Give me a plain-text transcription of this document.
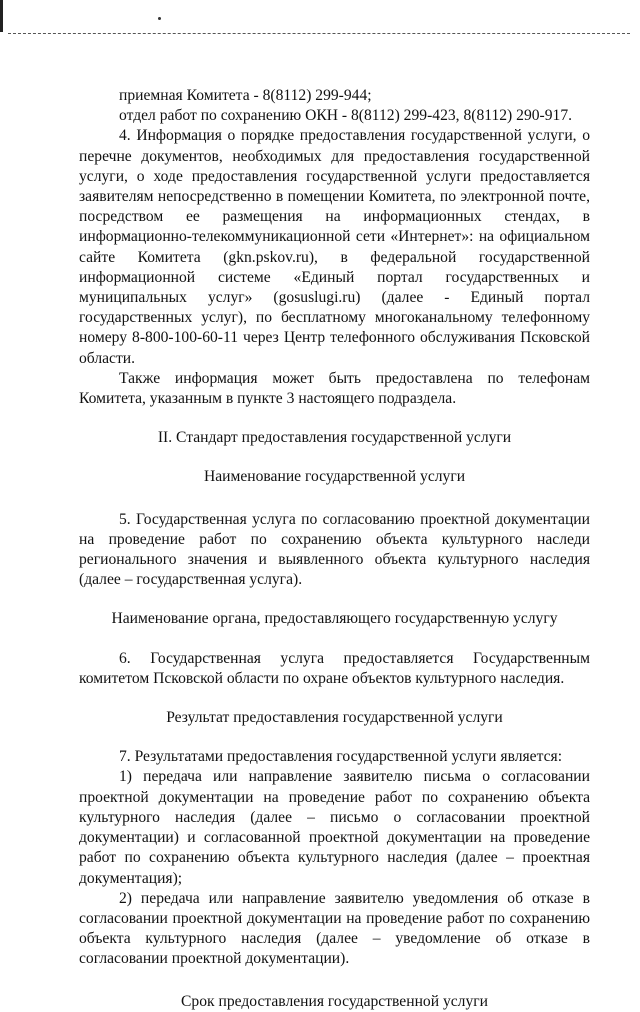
приемная Комитета - 8(8112) 299-944;

отдел работ по сохранению ОКН - 8(8112) 299-423, 8(8112) 290-917.

4. Информация о порядке предоставления государственной услуги, о перечне документов, необходимых для предоставления государственной услуги, о ходе предоставления государственной услуги предоставляется заявителям непосредственно в помещении Комитета, по электронной почте, посредством ее размещения на информационных стендах, в информационно-телекоммуникационной сети «Интернет»: на официальном сайте Комитета (gkn.pskov.ru), в федеральной государственной информационной системе «Единый портал государственных и муниципальных услуг» (gosuslugi.ru) (далее - Единый портал государственных услуг), по бесплатному многоканальному телефонному номеру 8-800-100-60-11 через Центр телефонного обслуживания Псковской области.

Также информация может быть предоставлена по телефонам Комитета, указанным в пункте 3 настоящего подраздела.

II. Стандарт предоставления государственной услуги

Наименование государственной услуги

5. Государственная услуга по согласованию проектной документации на проведение работ по сохранению объекта культурного наследи регионального значения и выявленного объекта культурного наследия (далее – государственная услуга).

Наименование органа, предоставляющего государственную услугу

6. Государственная услуга предоставляется Государственным комитетом Псковской области по охране объектов культурного наследия.

Результат предоставления государственной услуги

7. Результатами предоставления государственной услуги является:

1) передача или направление заявителю письма о согласовании проектной документации на проведение работ по сохранению объекта культурного наследия (далее – письмо о согласовании проектной документации) и согласованной проектной документации на проведение работ по сохранению объекта культурного наследия (далее – проектная документация);

2) передача или направление заявителю уведомления об отказе в согласовании проектной документации на проведение работ по сохранению объекта культурного наследия (далее – уведомление об отказе в согласовании проектной документации).

Срок предоставления государственной услуги
